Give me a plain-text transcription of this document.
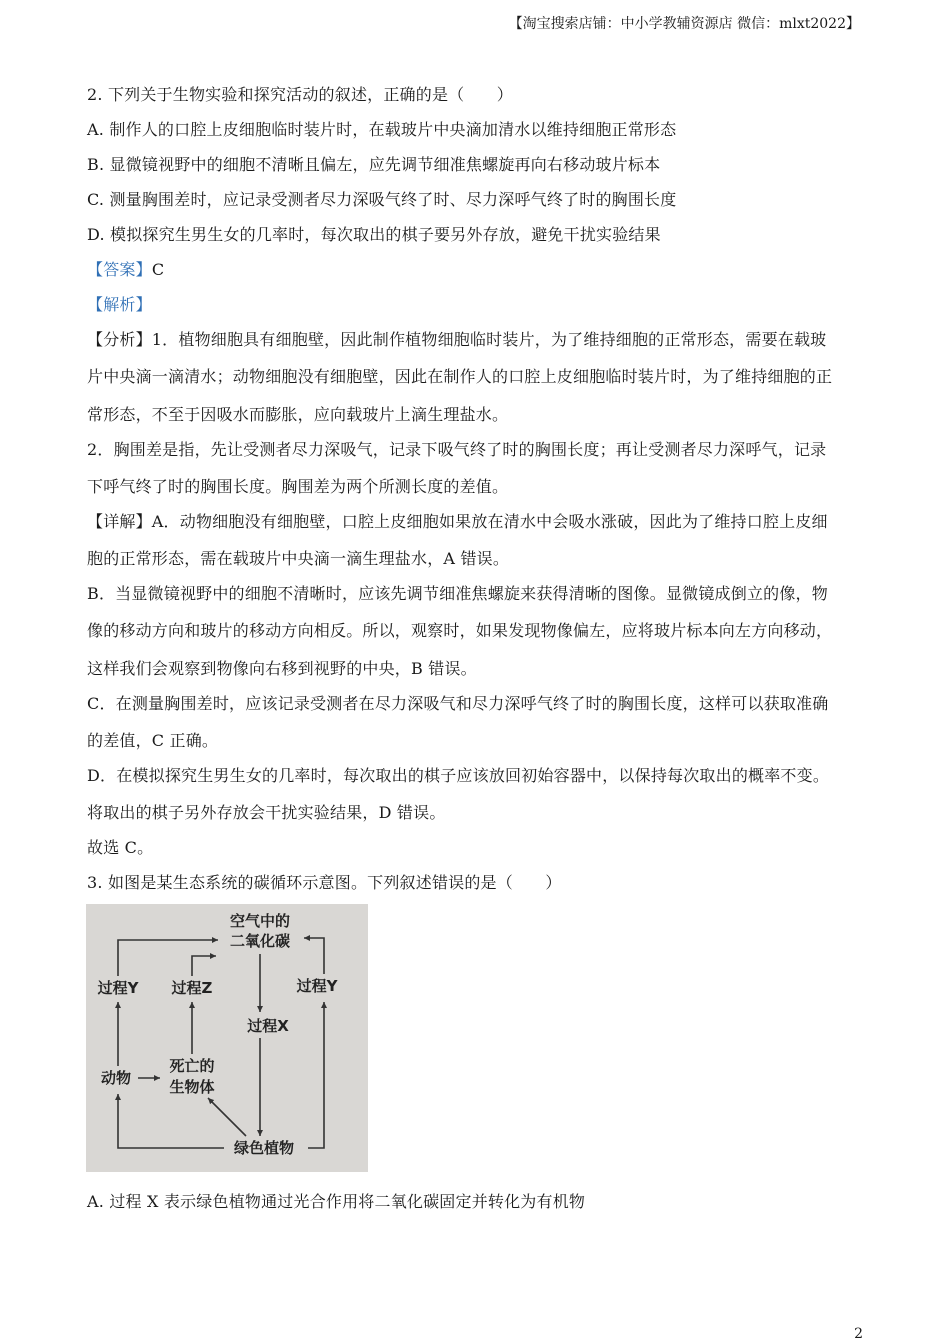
【淘宝搜索店铺：中小学教辅资源店 微信：mlxt2022】
2. 下列关于生物实验和探究活动的叙述，正确的是（　　）
A. 制作人的口腔上皮细胞临时装片时，在载玻片中央滴加清水以维持细胞正常形态
B. 显微镜视野中的细胞不清晰且偏左，应先调节细准焦螺旋再向右移动玻片标本
C. 测量胸围差时，应记录受测者尽力深吸气终了时、尽力深呼气终了时的胸围长度
D. 模拟探究生男生女的几率时，每次取出的棋子要另外存放，避免干扰实验结果
【答案】C
【解析】
【分析】1．植物细胞具有细胞壁，因此制作植物细胞临时装片，为了维持细胞的正常形态，需要在载玻
片中央滴一滴清水；动物细胞没有细胞壁，因此在制作人的口腔上皮细胞临时装片时，为了维持细胞的正
常形态，不至于因吸水而膨胀，应向载玻片上滴生理盐水。
2．胸围差是指，先让受测者尽力深吸气，记录下吸气终了时的胸围长度；再让受测者尽力深呼气，记录
下呼气终了时的胸围长度。胸围差为两个所测长度的差值。
【详解】A．动物细胞没有细胞壁，口腔上皮细胞如果放在清水中会吸水涨破，因此为了维持口腔上皮细
胞的正常形态，需在载玻片中央滴一滴生理盐水，A 错误。
B．当显微镜视野中的细胞不清晰时，应该先调节细准焦螺旋来获得清晰的图像。显微镜成倒立的像，物
像的移动方向和玻片的移动方向相反。所以，观察时，如果发现物像偏左，应将玻片标本向左方向移动，
这样我们会观察到物像向右移到视野的中央，B 错误。
C．在测量胸围差时，应该记录受测者在尽力深吸气和尽力深呼气终了时的胸围长度，这样可以获取准确
的差值，C 正确。
D．在模拟探究生男生女的几率时，每次取出的棋子应该放回初始容器中，以保持每次取出的概率不变。
将取出的棋子另外存放会干扰实验结果，D 错误。
故选 C。
3. 如图是某生态系统的碳循环示意图。下列叙述错误的是（　　）
空气中的
二氧化碳
过程Y 过程Z	过程Y
过程X
动物
死亡的
生物体
绿色植物
A. 过程 X 表示绿色植物通过光合作用将二氧化碳固定并转化为有机物
2
